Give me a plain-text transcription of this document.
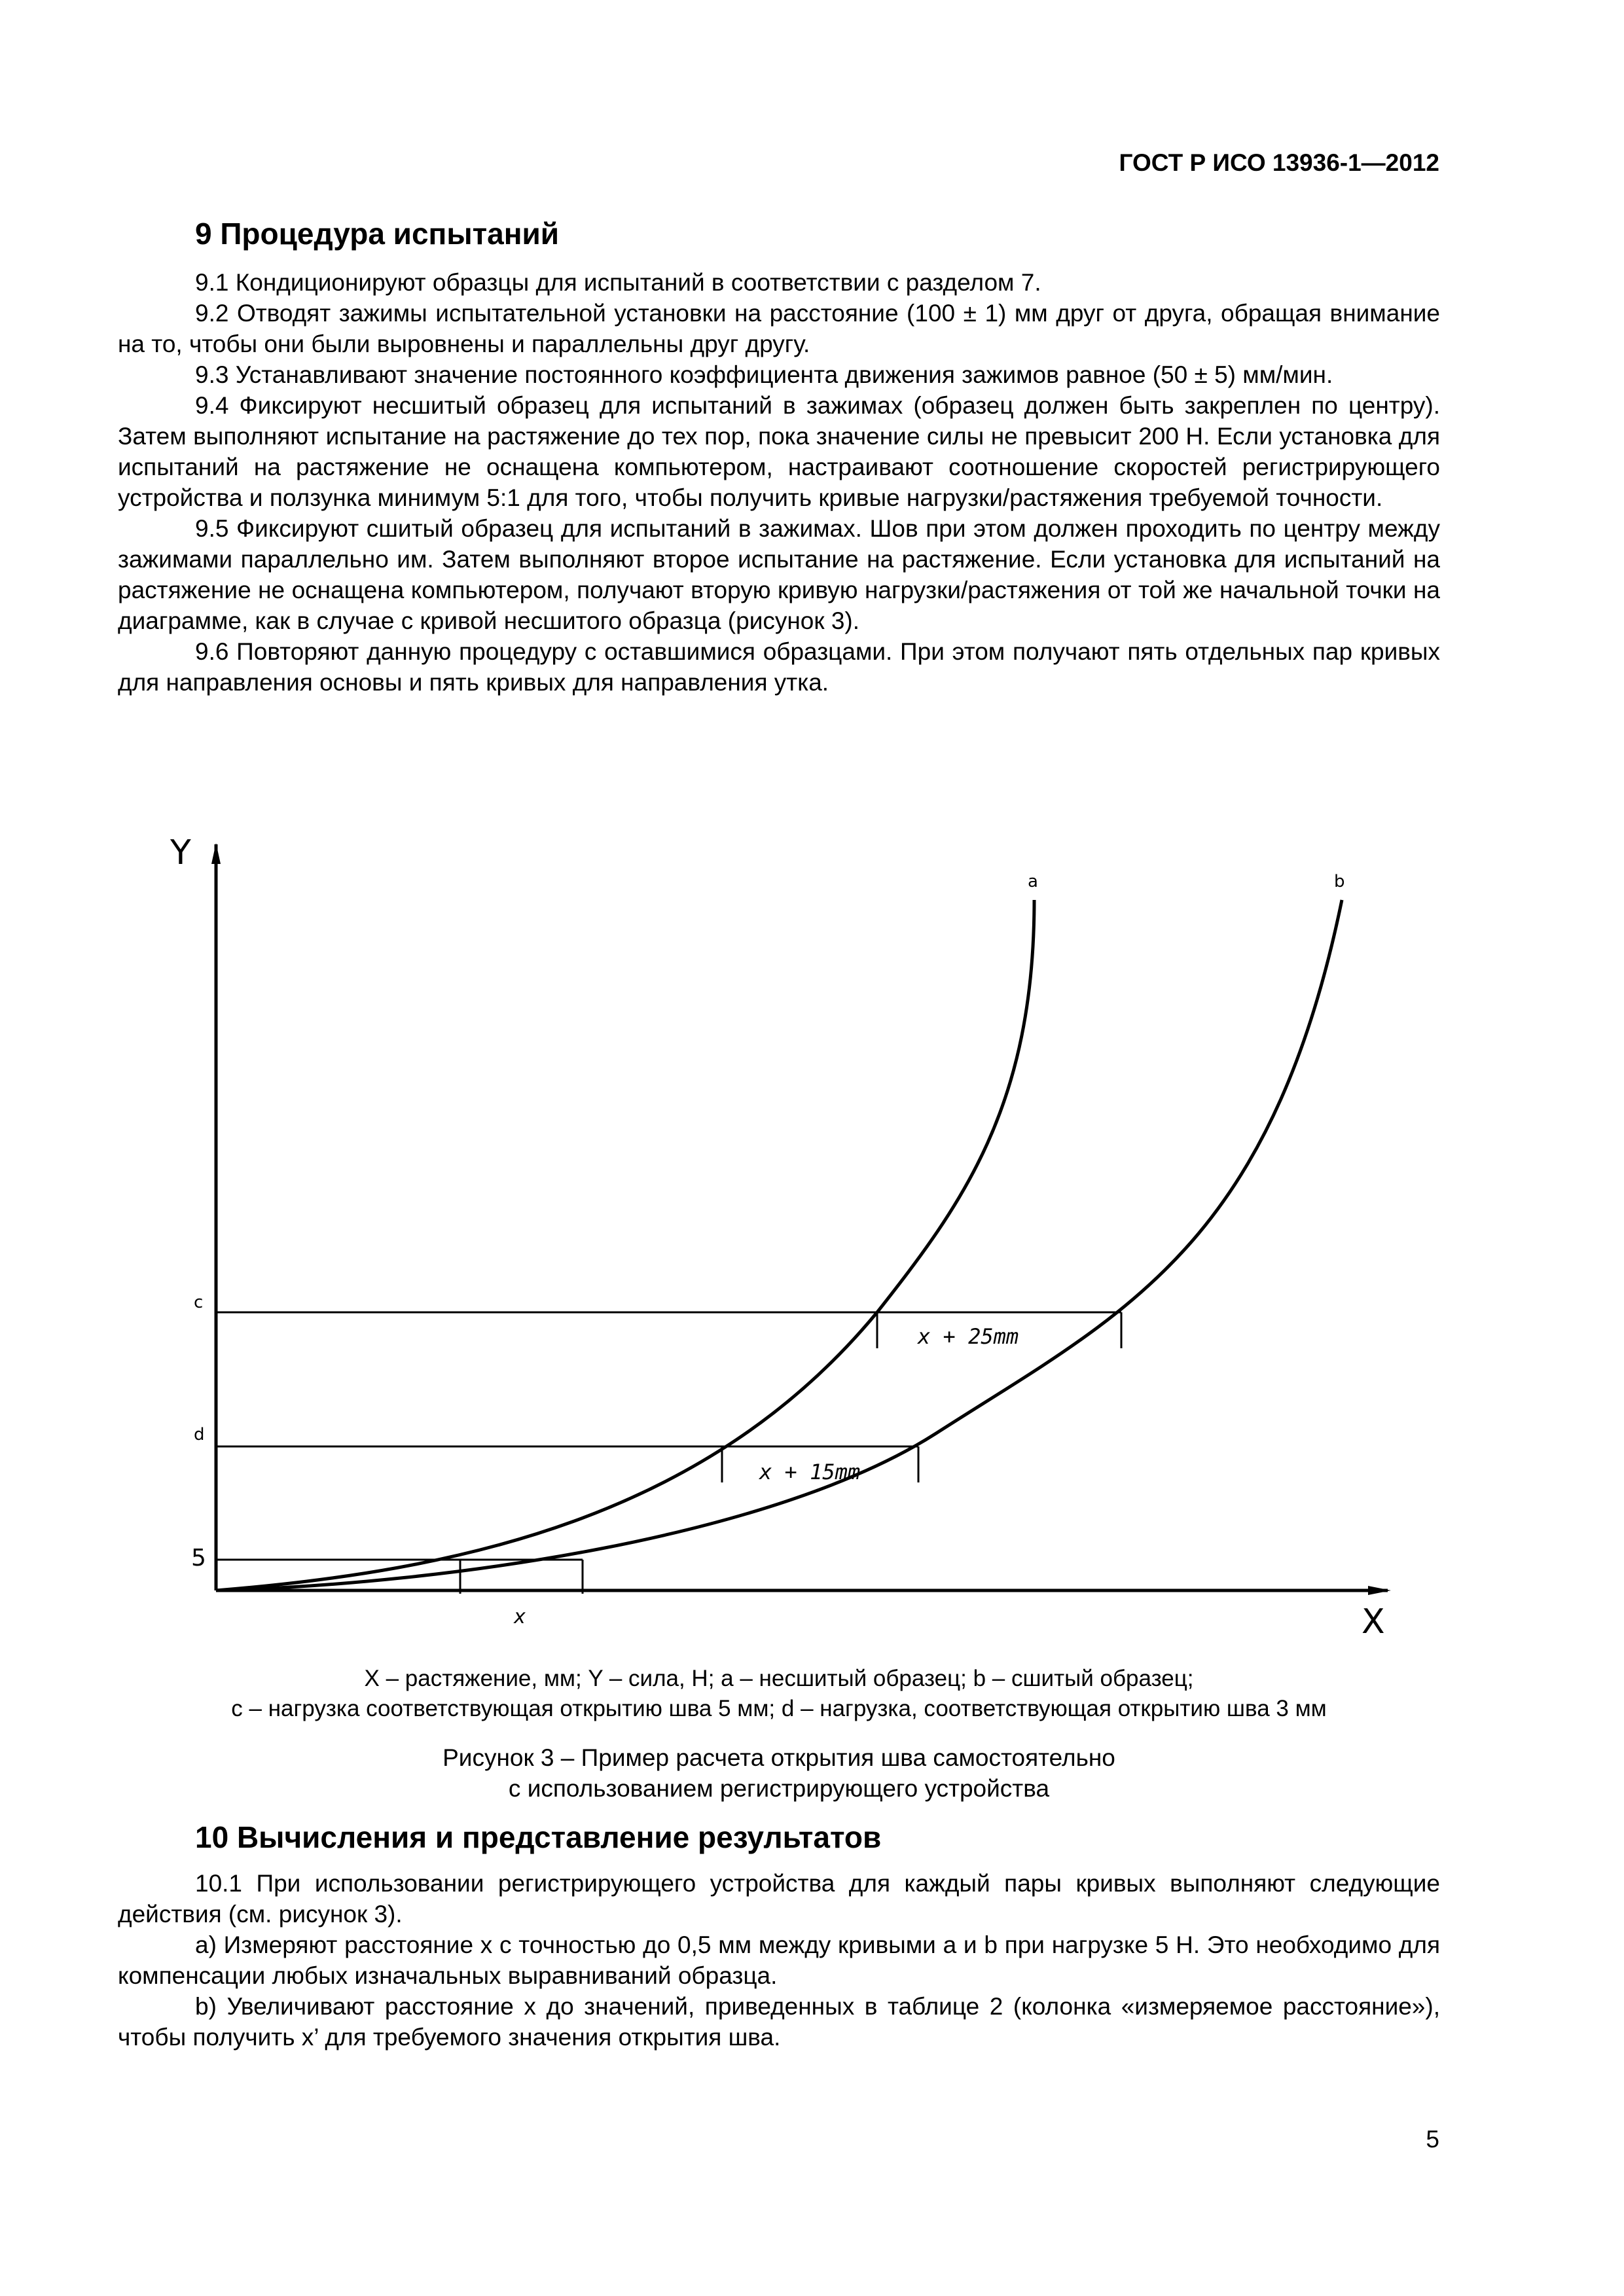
ГОСТ Р ИСО 13936-1—2012
9 Процедура испытаний

9.1 Кондиционируют образцы для испытаний в соответствии с разделом 7.

9.2 Отводят зажимы испытательной установки на расстояние (100 ± 1) мм друг от друга, обращая внимание на то, чтобы они были выровнены и параллельны друг другу.

9.3 Устанавливают значение постоянного коэффициента движения зажимов равное (50 ± 5) мм/мин.

9.4 Фиксируют несшитый образец для испытаний в зажимах (образец должен быть закреплен по центру). Затем выполняют испытание на растяжение до тех пор, пока значение силы не превысит 200 Н. Если установка для испытаний на растяжение не оснащена компьютером, настраивают соотношение скоростей регистрирующего устройства и ползунка минимум 5:1 для того, чтобы получить кривые нагрузки/растяжения требуемой точности.

9.5 Фиксируют сшитый образец для испытаний в зажимах. Шов при этом должен проходить по центру между зажимами параллельно им. Затем выполняют второе испытание на растяжение. Если установка для испытаний на растяжение не оснащена компьютером, получают вторую кривую нагрузки/растяжения от той же начальной точки на диаграмме, как в случае с кривой несшитого образца (рисунок 3).

9.6 Повторяют данную процедуру с оставшимися образцами. При этом получают пять отдельных пар кривых для направления основы и пять кривых для направления утка.

Y
X
a	b
c
d
5
x + 25mm
x + 15mm
x
X – растяжение, мм; Y – сила, Н; a – несшитый образец; b – сшитый образец;
c – нагрузка соответствующая открытию шва 5 мм; d – нагрузка, соответствующая открытию шва 3 мм
Рисунок 3 – Пример расчета открытия шва самостоятельно
с использованием регистрирующего устройства
10 Вычисления и представление результатов

10.1 При использовании регистрирующего устройства для каждый пары кривых выполняют следующие действия (см. рисунок 3).

a) Измеряют расстояние x с точностью до 0,5 мм между кривыми a и b при нагрузке 5 Н. Это необходимо для компенсации любых изначальных выравниваний образца.

b) Увеличивают расстояние x до значений, приведенных в таблице 2 (колонка «измеряемое расстояние»), чтобы получить x’ для требуемого значения открытия шва.

5
